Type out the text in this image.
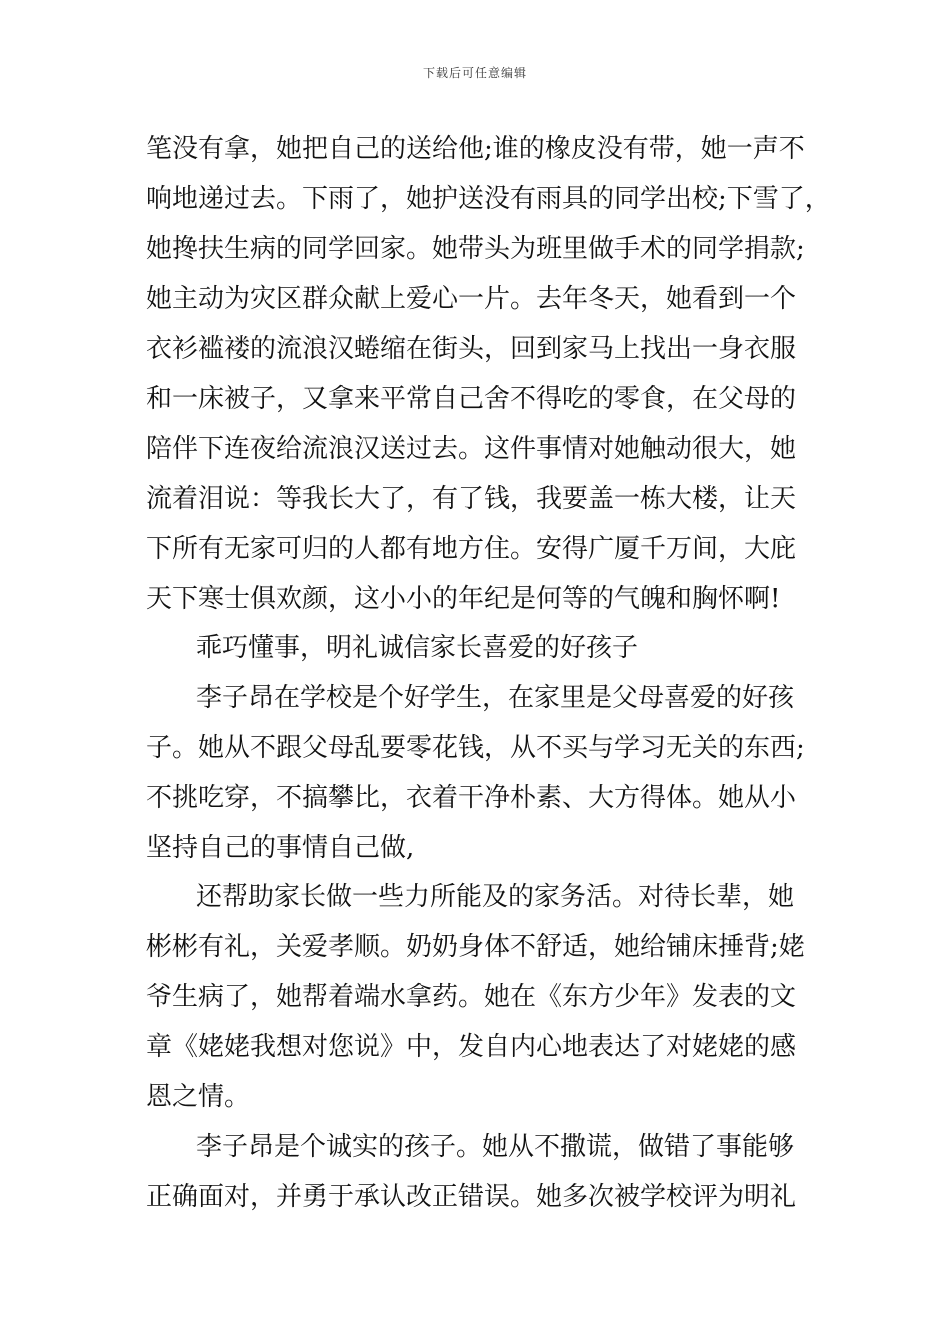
下载后可任意编辑
笔没有拿，她把自己的送给他;谁的橡皮没有带，她一声不
响地递过去。下雨了，她护送没有雨具的同学出校;下雪了，
她搀扶生病的同学回家。她带头为班里做手术的同学捐款;
她主动为灾区群众献上爱心一片。去年冬天，她看到一个
衣衫褴褛的流浪汉蜷缩在街头，回到家马上找出一身衣服
和一床被子，又拿来平常自己舍不得吃的零食，在父母的
陪伴下连夜给流浪汉送过去。这件事情对她触动很大，她
流着泪说：等我长大了，有了钱，我要盖一栋大楼，让天
下所有无家可归的人都有地方住。安得广厦千万间，大庇
天下寒士俱欢颜，这小小的年纪是何等的气魄和胸怀啊!
乖巧懂事，明礼诚信家长喜爱的好孩子
李子昂在学校是个好学生，在家里是父母喜爱的好孩
子。她从不跟父母乱要零花钱，从不买与学习无关的东西;
不挑吃穿，不搞攀比，衣着干净朴素、大方得体。她从小
坚持自己的事情自己做,
还帮助家长做一些力所能及的家务活。对待长辈，她
彬彬有礼，关爱孝顺。奶奶身体不舒适，她给铺床捶背;姥
爷生病了，她帮着端水拿药。她在《东方少年》发表的文
章《姥姥我想对您说》中，发自内心地表达了对姥姥的感
恩之情。
李子昂是个诚实的孩子。她从不撒谎，做错了事能够
正确面对，并勇于承认改正错误。她多次被学校评为明礼
